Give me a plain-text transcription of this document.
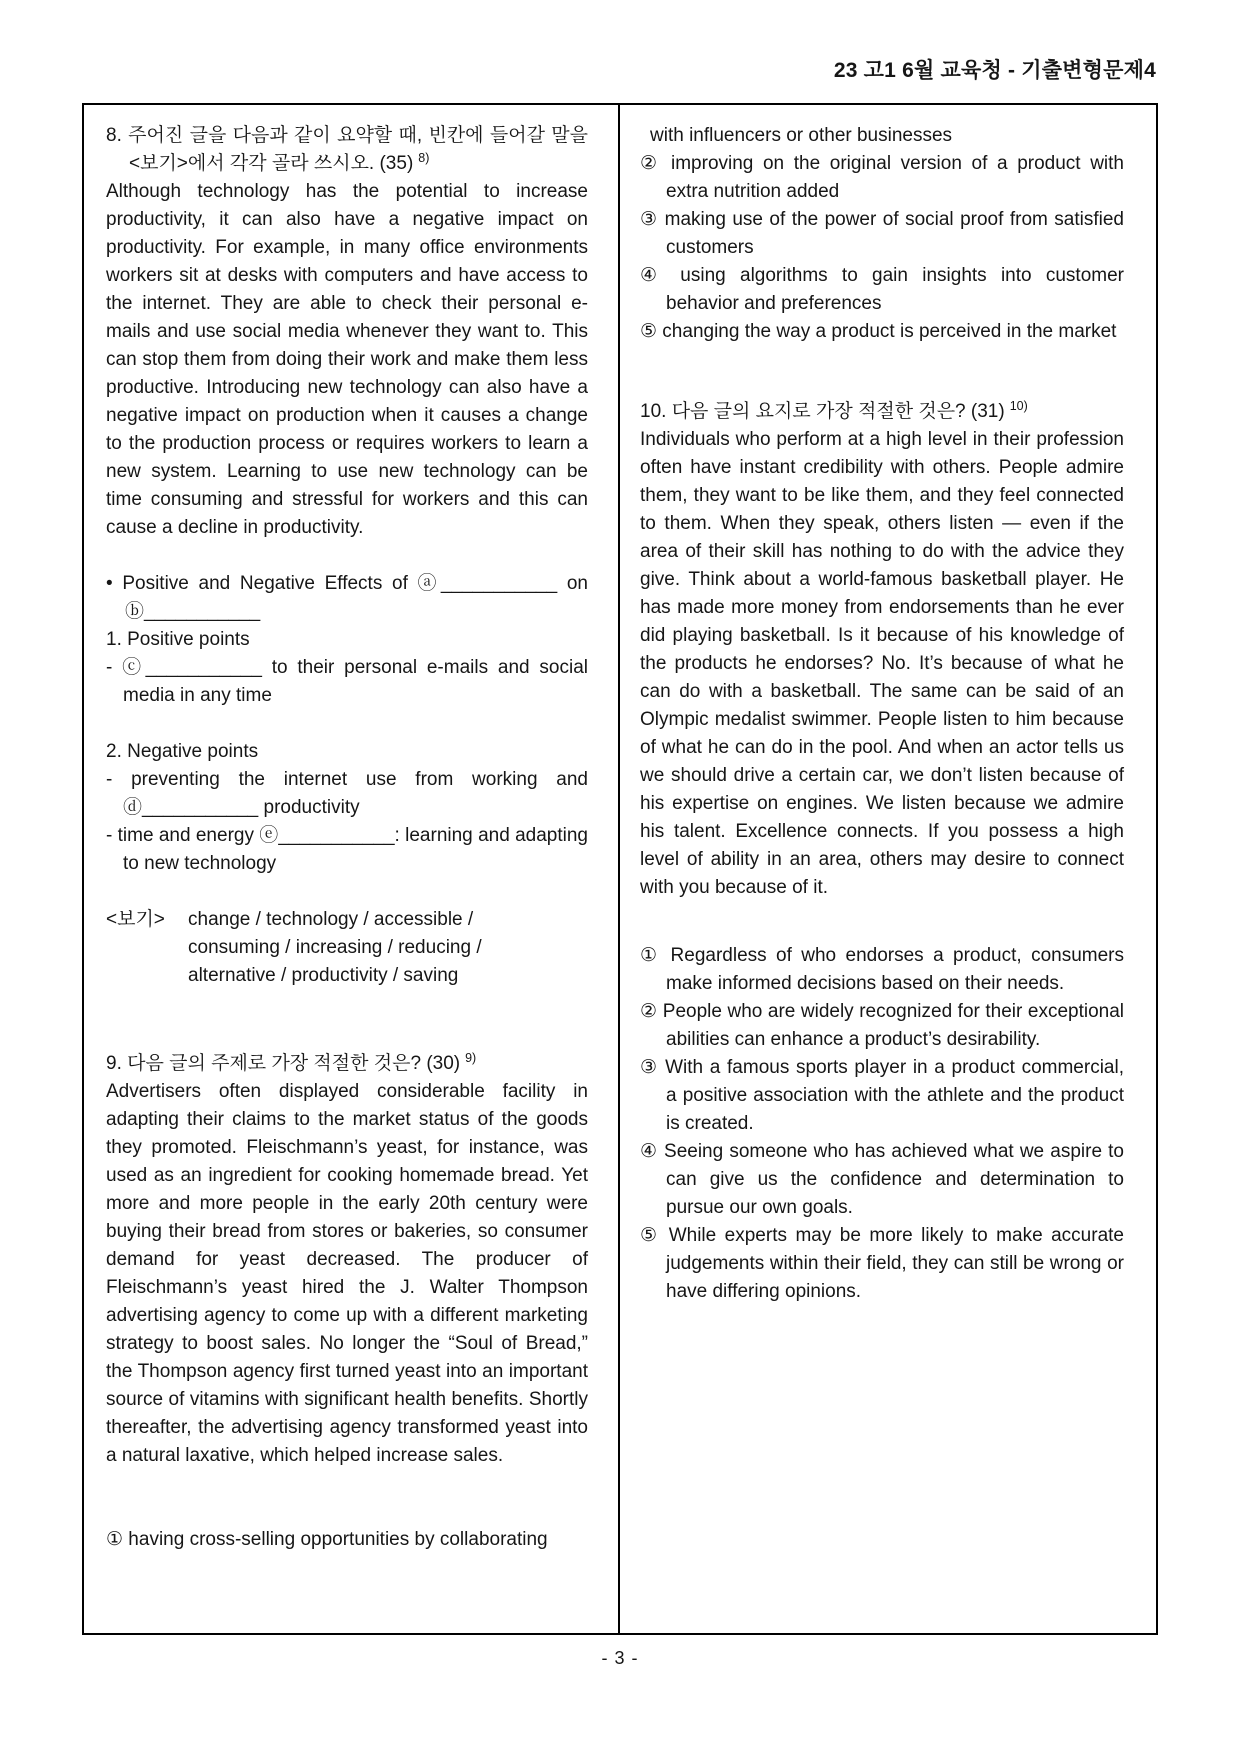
23 고1 6월 교육청 - 기출변형문제4

8. 주어진 글을 다음과 같이 요약할 때, 빈칸에 들어갈 말을 <보기>에서 각각 골라 쓰시오. (35) $^{8)}$

Although technology has the potential to increase productivity, it can also have a negative impact on productivity. For example, in many office environments workers sit at desks with computers and have access to the internet. They are able to check their personal e-mails and use social media whenever they want to. This can stop them from doing their work and make them less productive. Introducing new technology can also have a negative impact on production when it causes a change to the production process or requires workers to learn a new system. Learning to use new technology can be time consuming and stressful for workers and this can cause a decline in productivity.

• Positive and Negative Effects of ⓐ___________ on ⓑ___________

1. Positive points

- ⓒ___________ to their personal e-mails and social media in any time

2. Negative points

- preventing the internet use from working and ⓓ___________ productivity

- time and energy ⓔ___________: learning and adapting to new technology

<보기> change / technology / accessible / consuming / increasing / reducing / alternative / productivity / saving

9. 다음 글의 주제로 가장 적절한 것은? (30) $^{9)}$

Advertisers often displayed considerable facility in adapting their claims to the market status of the goods they promoted. Fleischmann’s yeast, for instance, was used as an ingredient for cooking homemade bread. Yet more and more people in the early 20th century were buying their bread from stores or bakeries, so consumer demand for yeast decreased. The producer of Fleischmann’s yeast hired the J. Walter Thompson advertising agency to come up with a different marketing strategy to boost sales. No longer the “Soul of Bread,” the Thompson agency first turned yeast into an important source of vitamins with significant health benefits. Shortly thereafter, the advertising agency transformed yeast into a natural laxative, which helped increase sales.

① having cross-selling opportunities by collaborating

with influencers or other businesses

② improving on the original version of a product with extra nutrition added

③ making use of the power of social proof from satisfied customers

④ using algorithms to gain insights into customer behavior and preferences

⑤ changing the way a product is perceived in the market

10. 다음 글의 요지로 가장 적절한 것은? (31) $^{10)}$

Individuals who perform at a high level in their profession often have instant credibility with others. People admire them, they want to be like them, and they feel connected to them. When they speak, others listen — even if the area of their skill has nothing to do with the advice they give. Think about a world-famous basketball player. He has made more money from endorsements than he ever did playing basketball. Is it because of his knowledge of the products he endorses? No. It’s because of what he can do with a basketball. The same can be said of an Olympic medalist swimmer. People listen to him because of what he can do in the pool. And when an actor tells us we should drive a certain car, we don’t listen because of his expertise on engines. We listen because we admire his talent. Excellence connects. If you possess a high level of ability in an area, others may desire to connect with you because of it.

① Regardless of who endorses a product, consumers make informed decisions based on their needs.

② People who are widely recognized for their exceptional abilities can enhance a product’s desirability.

③ With a famous sports player in a product commercial, a positive association with the athlete and the product is created.

④ Seeing someone who has achieved what we aspire to can give us the confidence and determination to pursue our own goals.

⑤ While experts may be more likely to make accurate judgements within their field, they can still be wrong or have differing opinions.

- 3 -
